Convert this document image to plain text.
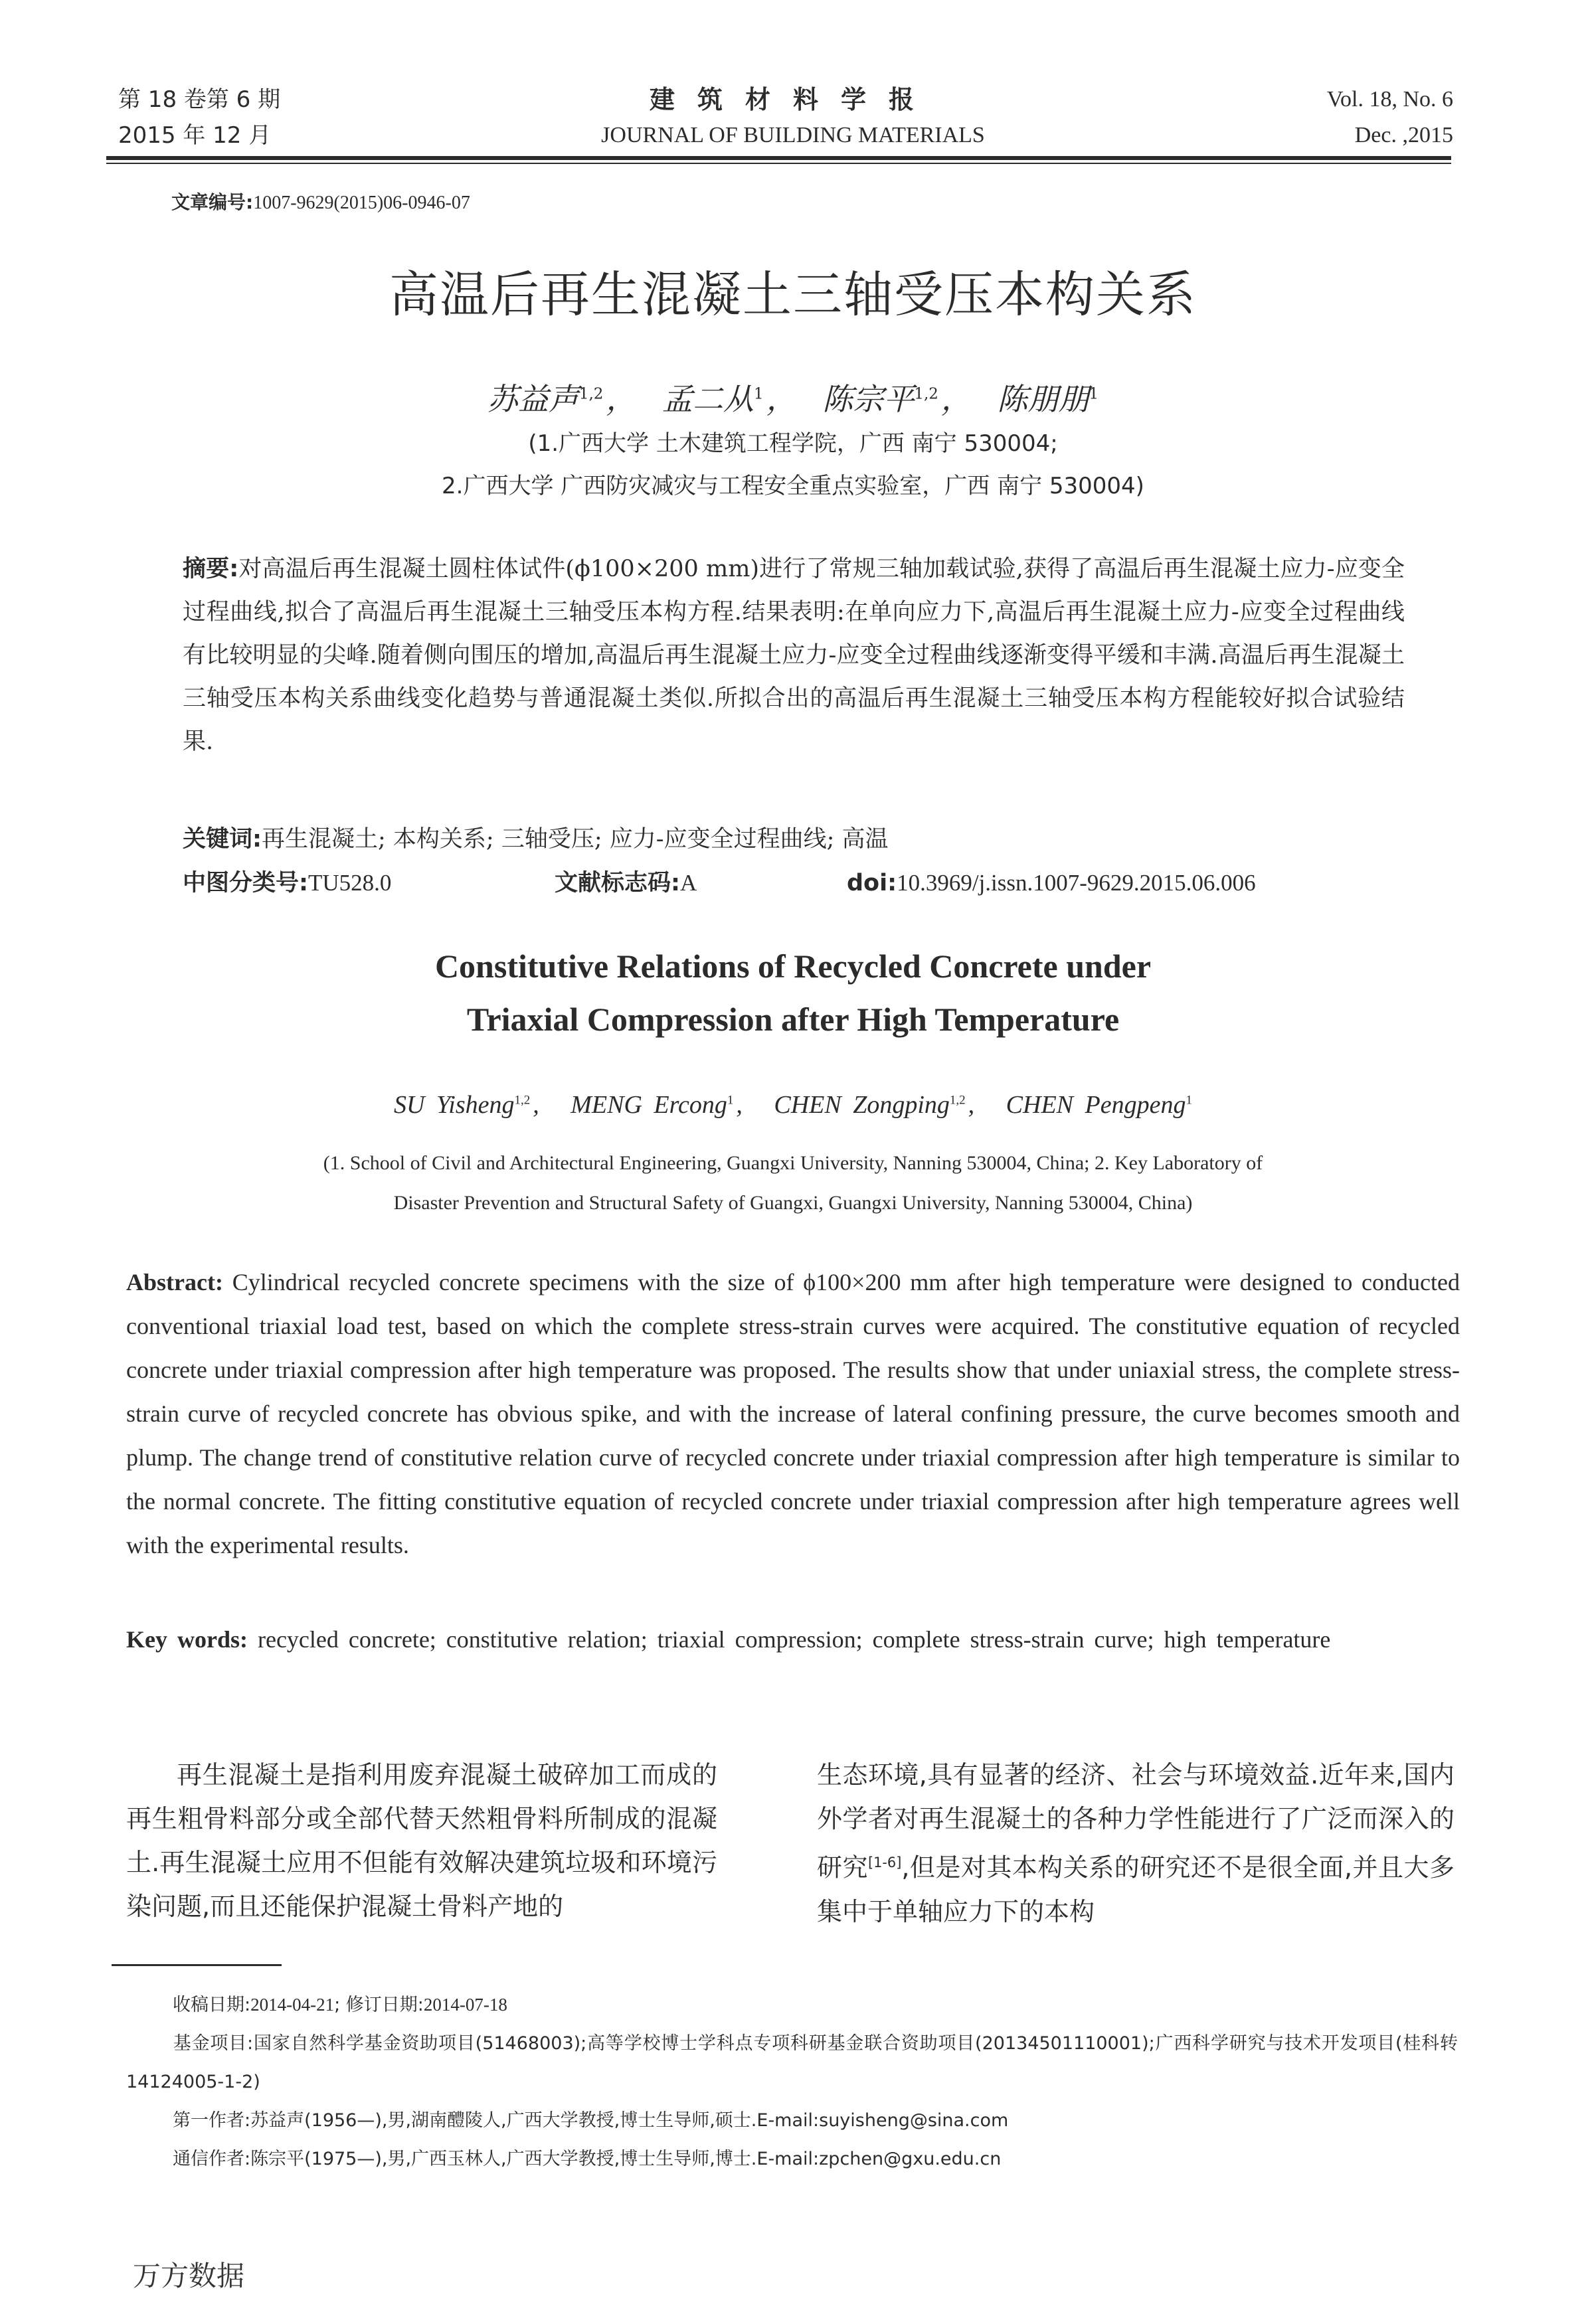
第 18 卷第 6 期
2015 年 12 月
建筑材料学报
JOURNAL OF BUILDING MATERIALS
Vol. 18, No. 6
Dec. ,2015
文章编号:1007-9629(2015)06-0946-07
高温后再生混凝土三轴受压本构关系
苏益声$^{1,2}$， 孟二从$^1$， 陈宗平$^{1,2}$， 陈朋朋$^1$
(1.广西大学 土木建筑工程学院，广西 南宁 530004;
2.广西大学 广西防灾减灾与工程安全重点实验室，广西 南宁 530004)
摘要:对高温后再生混凝土圆柱体试件(ϕ100×200 mm)进行了常规三轴加载试验,获得了高温后再生混凝土应力-应变全过程曲线,拟合了高温后再生混凝土三轴受压本构方程.结果表明:在单向应力下,高温后再生混凝土应力-应变全过程曲线有比较明显的尖峰.随着侧向围压的增加,高温后再生混凝土应力-应变全过程曲线逐渐变得平缓和丰满.高温后再生混凝土三轴受压本构关系曲线变化趋势与普通混凝土类似.所拟合出的高温后再生混凝土三轴受压本构方程能较好拟合试验结果.
关键词:再生混凝土; 本构关系; 三轴受压; 应力-应变全过程曲线; 高温
中图分类号:TU528.0	文献标志码:A	doi:10.3969/j.issn.1007-9629.2015.06.006
Constitutive Relations of Recycled Concrete under
Triaxial Compression after High Temperature
SU Yisheng$^{1,2}$ , MENG Ercong$^1$ , CHEN Zongping$^{1,2}$ , CHEN Pengpeng$^1$
(1. School of Civil and Architectural Engineering, Guangxi University, Nanning 530004, China; 2. Key Laboratory of
Disaster Prevention and Structural Safety of Guangxi, Guangxi University, Nanning 530004, China)
Abstract: Cylindrical recycled concrete specimens with the size of ϕ100×200 mm after high temperature were designed to conducted conventional triaxial load test, based on which the complete stress-strain curves were acquired. The constitutive equation of recycled concrete under triaxial compression after high temperature was proposed. The results show that under uniaxial stress, the complete stress-strain curve of recycled concrete has obvious spike, and with the increase of lateral confining pressure, the curve becomes smooth and plump. The change trend of constitutive relation curve of recycled concrete under triaxial compression after high temperature is similar to the normal concrete. The fitting constitutive equation of recycled concrete under triaxial compression after high temperature agrees well with the experimental results.
Key words: recycled concrete; constitutive relation; triaxial compression; complete stress-strain curve; high temperature

再生混凝土是指利用废弃混凝土破碎加工而成的再生粗骨料部分或全部代替天然粗骨料所制成的混凝土.再生混凝土应用不但能有效解决建筑垃圾和环境污染问题,而且还能保护混凝土骨料产地的

生态环境,具有显著的经济、社会与环境效益.近年来,国内外学者对再生混凝土的各种力学性能进行了广泛而深入的研究[1-6],但是对其本构关系的研究还不是很全面,并且大多集中于单轴应力下的本构

收稿日期:2014-04-21; 修订日期:2014-07-18
基金项目:国家自然科学基金资助项目(51468003);高等学校博士学科点专项科研基金联合资助项目(20134501110001);广西科学研究与技术开发项目(桂科转 14124005-1-2)
第一作者:苏益声(1956—),男,湖南醴陵人,广西大学教授,博士生导师,硕士.E-mail:suyisheng@sina.com
通信作者:陈宗平(1975—),男,广西玉林人,广西大学教授,博士生导师,博士.E-mail:zpchen@gxu.edu.cn
万方数据
